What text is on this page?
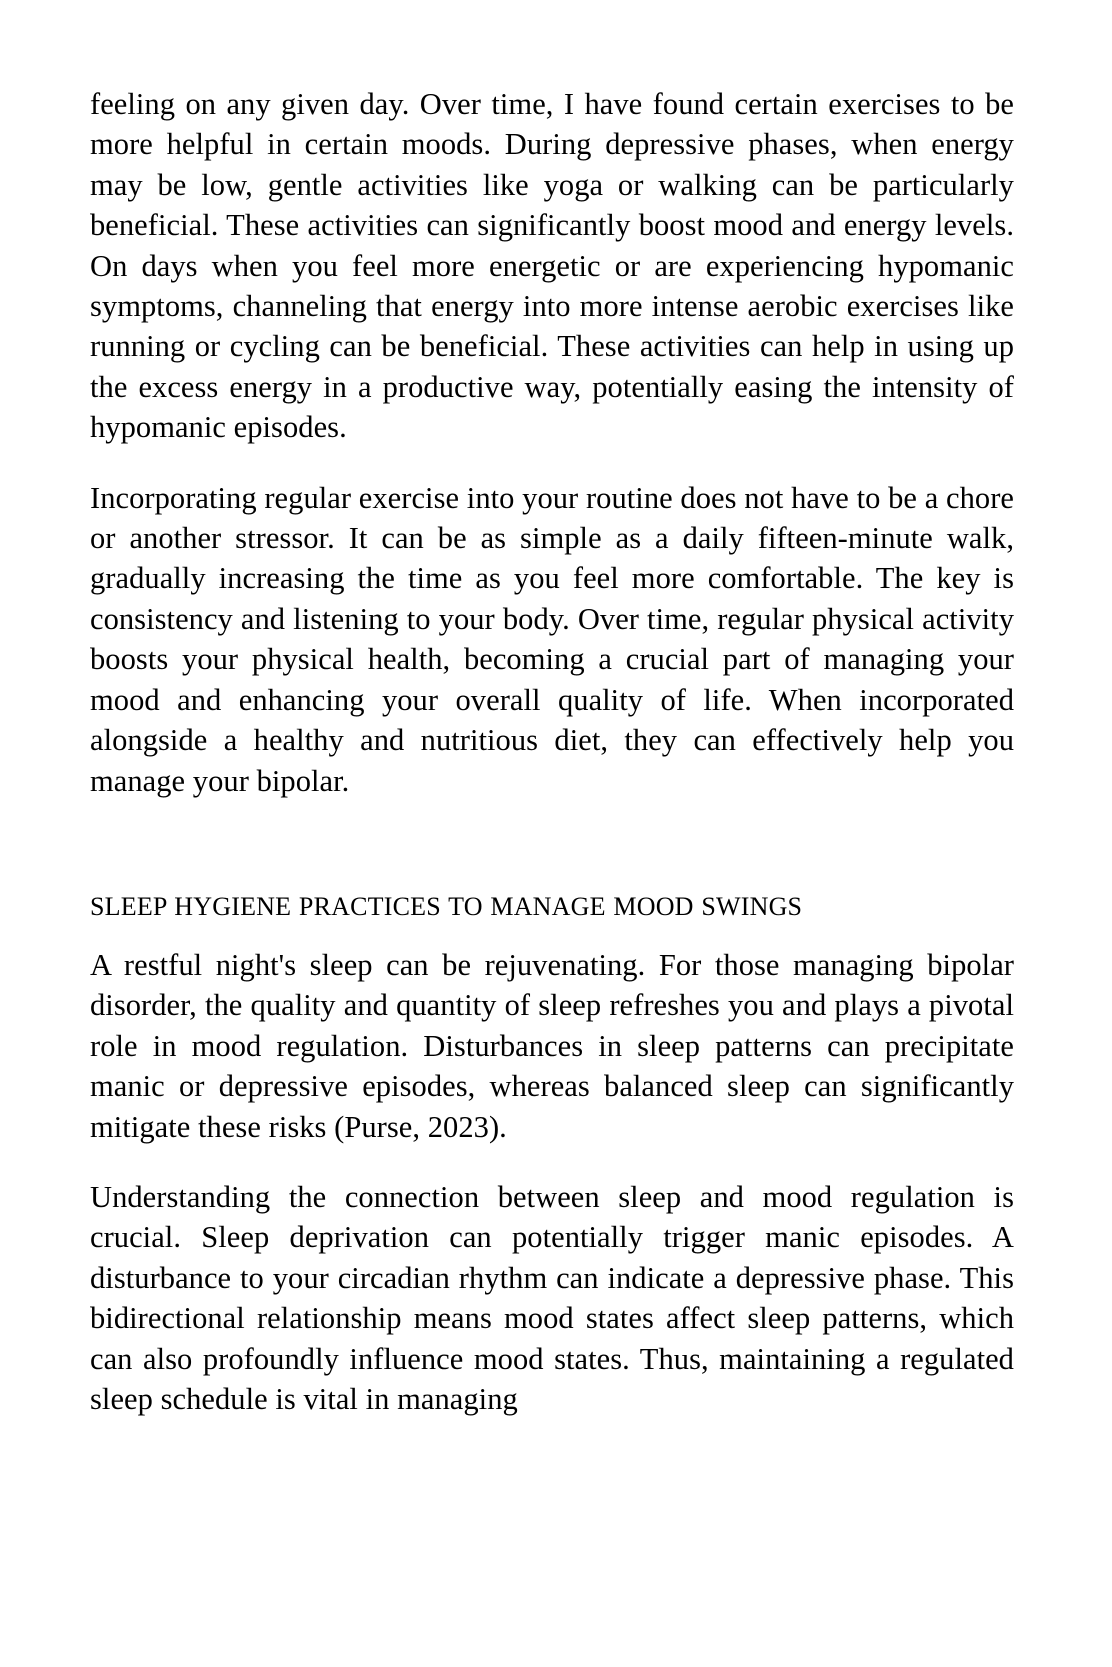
feeling on any given day. Over time, I have found certain exercises to be more helpful in certain moods. During depressive phases, when energy may be low, gentle activities like yoga or walking can be particularly beneficial. These activities can significantly boost mood and energy levels. On days when you feel more energetic or are experiencing hypomanic symptoms, channeling that energy into more intense aerobic exercises like running or cycling can be beneficial. These activities can help in using up the excess energy in a productive way, potentially easing the intensity of hypomanic episodes.

Incorporating regular exercise into your routine does not have to be a chore or another stressor. It can be as simple as a daily fifteen-minute walk, gradually increasing the time as you feel more comfortable. The key is consistency and listening to your body. Over time, regular physical activity boosts your physical health, becoming a crucial part of managing your mood and enhancing your overall quality of life. When incorporated alongside a healthy and nutritious diet, they can effectively help you manage your bipolar.

SLEEP HYGIENE PRACTICES TO MANAGE MOOD SWINGS

A restful night's sleep can be rejuvenating. For those managing bipolar disorder, the quality and quantity of sleep refreshes you and plays a pivotal role in mood regulation. Disturbances in sleep patterns can precipitate manic or depressive episodes, whereas balanced sleep can significantly mitigate these risks (Purse, 2023).

Understanding the connection between sleep and mood regulation is crucial. Sleep deprivation can potentially trigger manic episodes. A disturbance to your circadian rhythm can indicate a depressive phase. This bidirectional relationship means mood states affect sleep patterns, which can also profoundly influence mood states. Thus, maintaining a regulated sleep schedule is vital in managing
